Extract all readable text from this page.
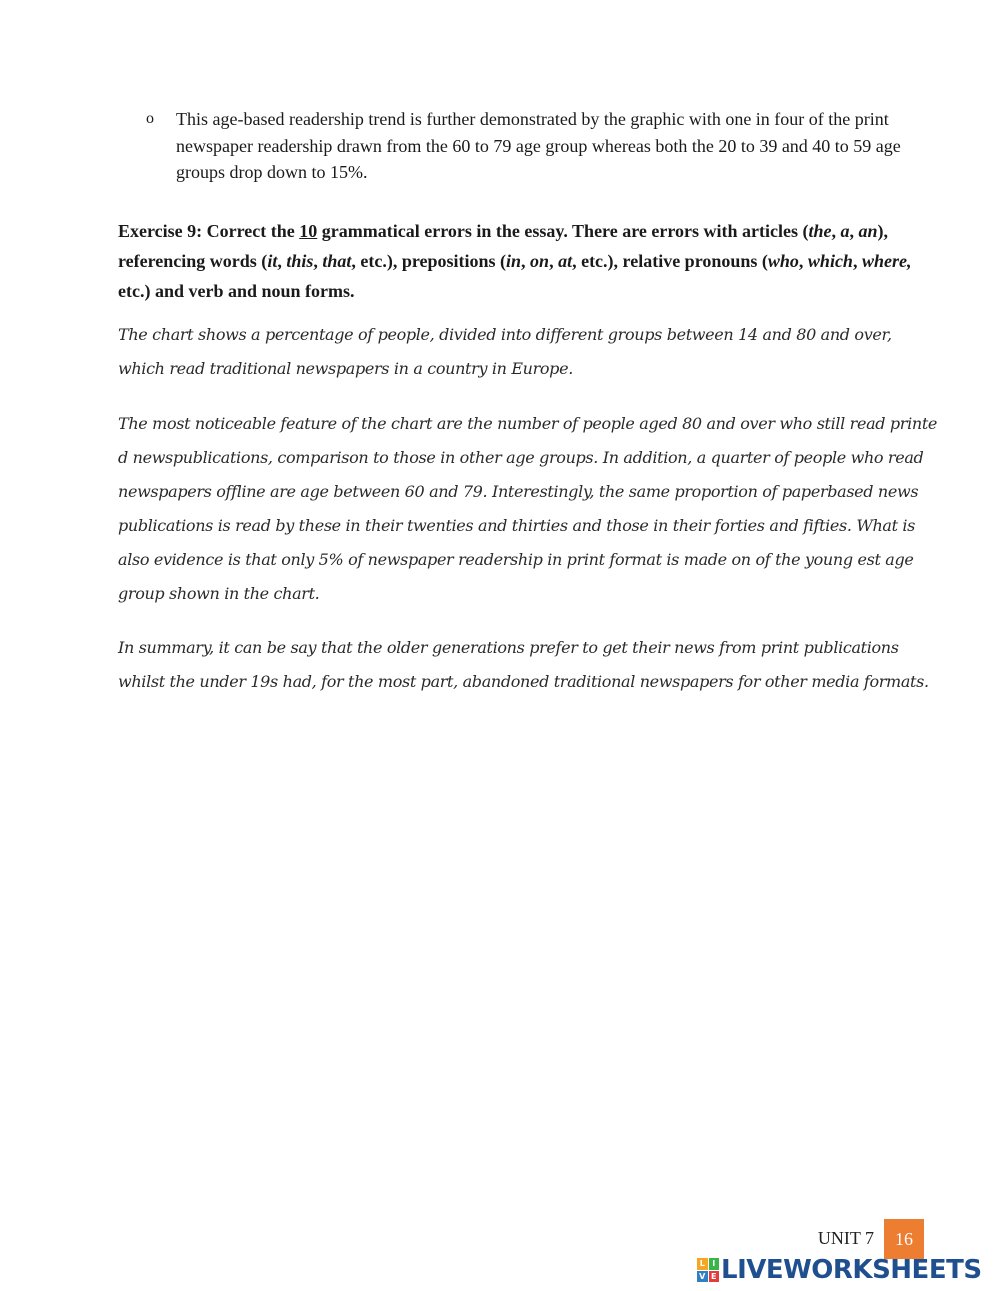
o	This age-based readership trend is further demonstrated by the graphic with one in four of the print newspaper readership drawn from the 60 to 79 age group whereas both the 20 to 39 and 40 to 59 age groups drop down to 15%.
Exercise 9: Correct the 10 grammatical errors in the essay. There are errors with articles (the, a, an), referencing words (it, this, that, etc.), prepositions (in, on, at, etc.), relative pronouns (who, which, where, etc.) and verb and noun forms.

The chart shows a percentage of people, divided into different groups between 14 and 80 and over, which read traditional newspapers in a country in Europe.

The most noticeable feature of the chart are the number of people aged 80 and over who still read printe d newspublications, comparison to those in other age groups. In addition, a quarter of people who read newspapers offline are age between 60 and 79. Interestingly, the same proportion of paperbased news publications is read by these in their twenties and thirties and those in their forties and fifties. What is also evidence is that only 5% of newspaper readership in print format is made on of the young est age group shown in the chart.

In summary, it can be say that the older generations prefer to get their news from print publications whilst the under 19s had, for the most part, abandoned traditional newspapers for other media formats.

UNIT 7	16
L I
V E LIVEWORKSHEETS
